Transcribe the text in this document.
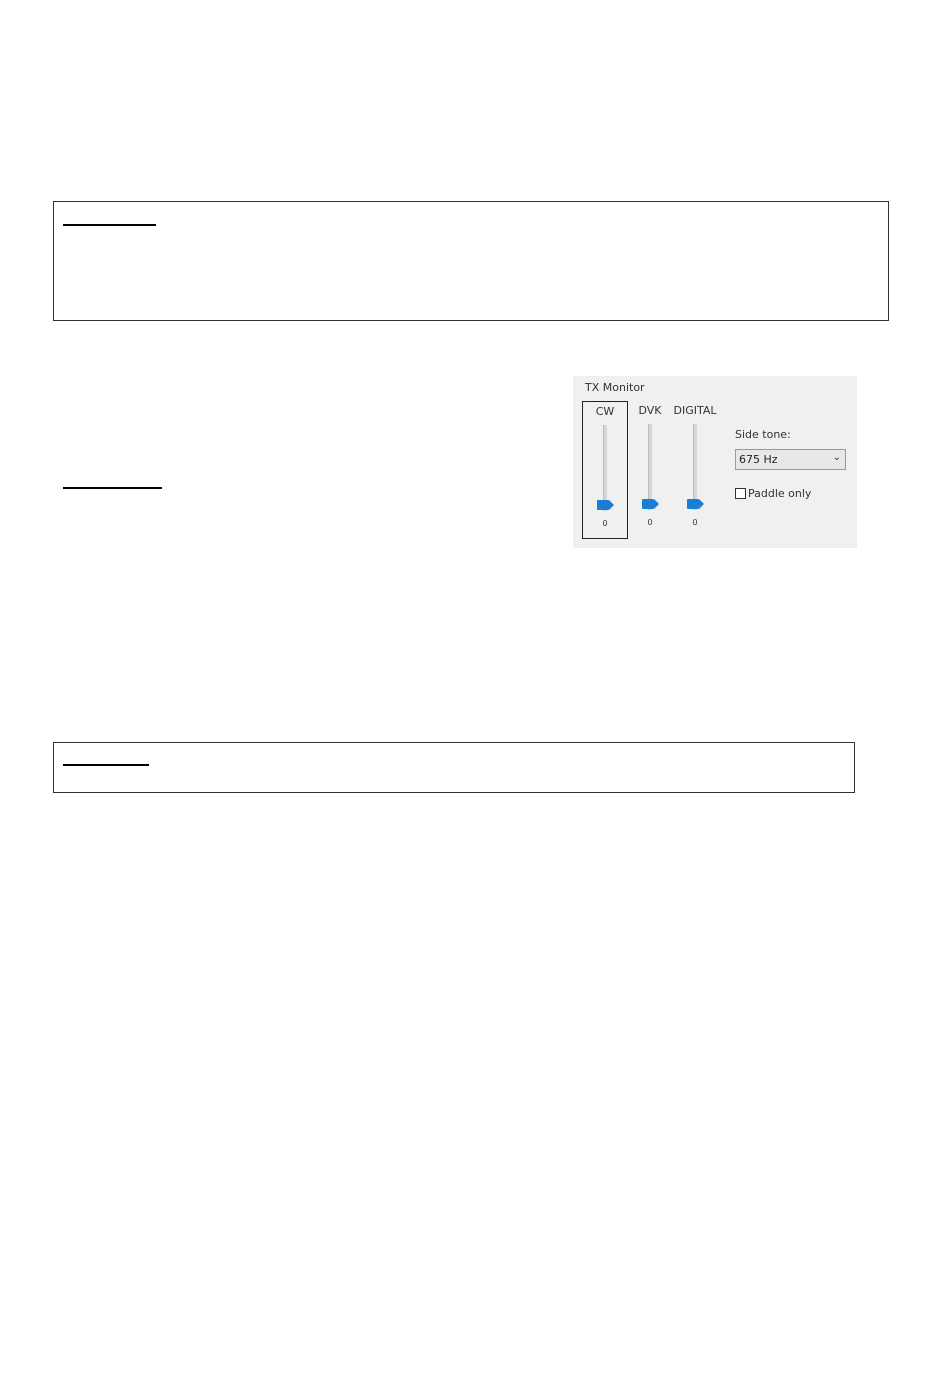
TX Monitor
CW
0
DVK
0
DIGITAL
0
Side tone:
675 Hz	⌄
Paddle only
